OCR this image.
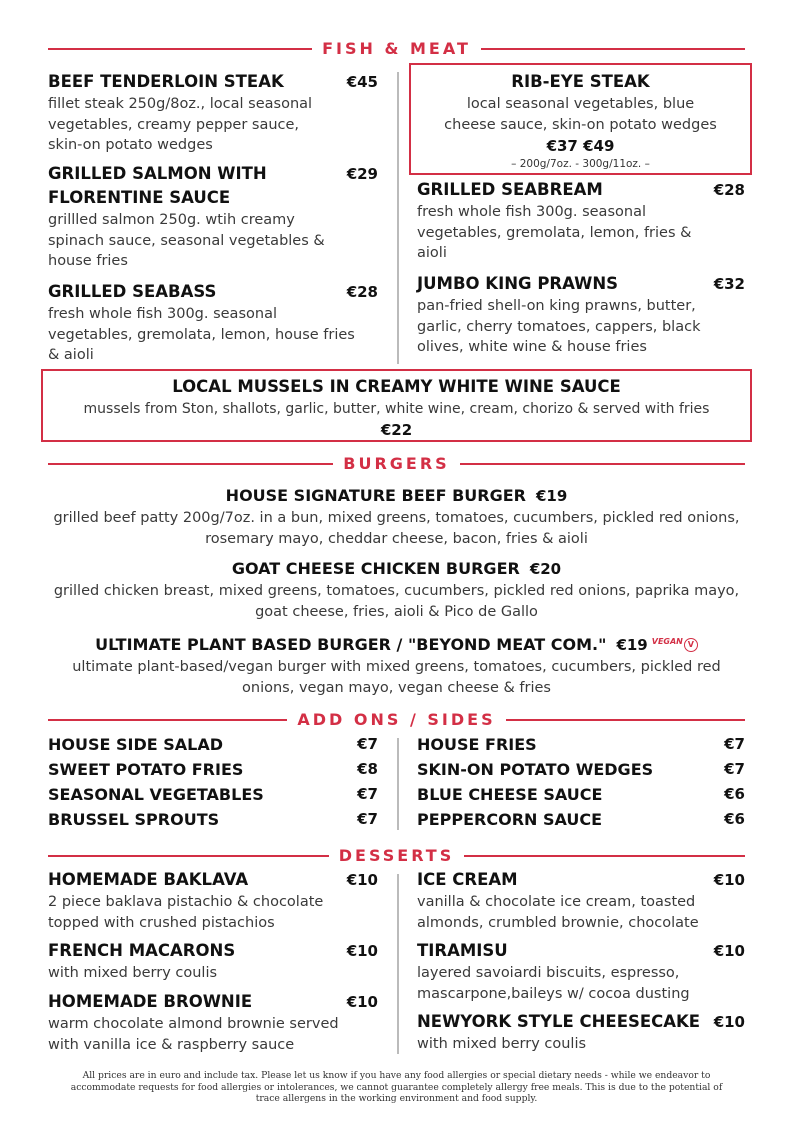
FISH & MEAT
BEEF TENDERLOIN STEAK
fillet steak 250g/8oz., local seasonal vegetables, creamy pepper sauce, skin-on potato wedges
€45
GRILLED SALMON WITH FLORENTINE SAUCE
grillled salmon 250g. wtih creamy spinach sauce, seasonal vegetables & house fries
€29
GRILLED SEABASS
fresh whole fish 300g. seasonal vegetables, gremolata, lemon, house fries & aioli
€28
RIB-EYE STEAK
local seasonal vegetables, blue cheese sauce, skin-on potato wedges
€37 €49
– 200g/7oz. - 300g/11oz. –
GRILLED SEABREAM
fresh whole fish 300g. seasonal vegetables, gremolata, lemon, fries & aioli
€28
JUMBO KING PRAWNS
pan-fried shell-on king prawns, butter, garlic, cherry tomatoes, cappers, black olives, white wine & house fries
€32
LOCAL MUSSELS IN CREAMY WHITE WINE SAUCE
mussels from Ston, shallots, garlic, butter, white wine, cream, chorizo & served with fries
€22
BURGERS
HOUSE SIGNATURE BEEF BURGER €19
grilled beef patty 200g/7oz. in a bun, mixed greens, tomatoes, cucumbers, pickled red onions, rosemary mayo, cheddar cheese, bacon, fries & aioli
GOAT CHEESE CHICKEN BURGER €20
grilled chicken breast, mixed greens, tomatoes, cucumbers, pickled red onions, paprika mayo, goat cheese, fries, aioli & Pico de Gallo
ULTIMATE PLANT BASED BURGER / "BEYOND MEAT COM." €19 $^{VEGAN}$ V
ultimate plant-based/vegan burger with mixed greens, tomatoes, cucumbers, pickled red onions, vegan mayo, vegan cheese & fries
ADD ONS / SIDES
HOUSE SIDE SALAD	€7
SWEET POTATO FRIES	€8
SEASONAL VEGETABLES	€7
BRUSSEL SPROUTS	€7
HOUSE FRIES	€7
SKIN-ON POTATO WEDGES	€7
BLUE CHEESE SAUCE	€6
PEPPERCORN SAUCE	€6
DESSERTS
HOMEMADE BAKLAVA
2 piece baklava pistachio & chocolate topped with crushed pistachios
€10
FRENCH MACARONS
with mixed berry coulis
€10
HOMEMADE BROWNIE
warm chocolate almond brownie served with vanilla ice & raspberry sauce
€10
ICE CREAM
vanilla & chocolate ice cream, toasted almonds, crumbled brownie, chocolate
€10
TIRAMISU
layered savoiardi biscuits, espresso, mascarpone,baileys w/ cocoa dusting
€10
NEWYORK STYLE CHEESECAKE
with mixed berry coulis
€10
All prices are in euro and include tax. Please let us know if you have any food allergies or special dietary needs - while we endeavor to accommodate requests for food allergies or intolerances, we cannot guarantee completely allergy free meals. This is due to the potential of trace allergens in the working environment and food supply.
